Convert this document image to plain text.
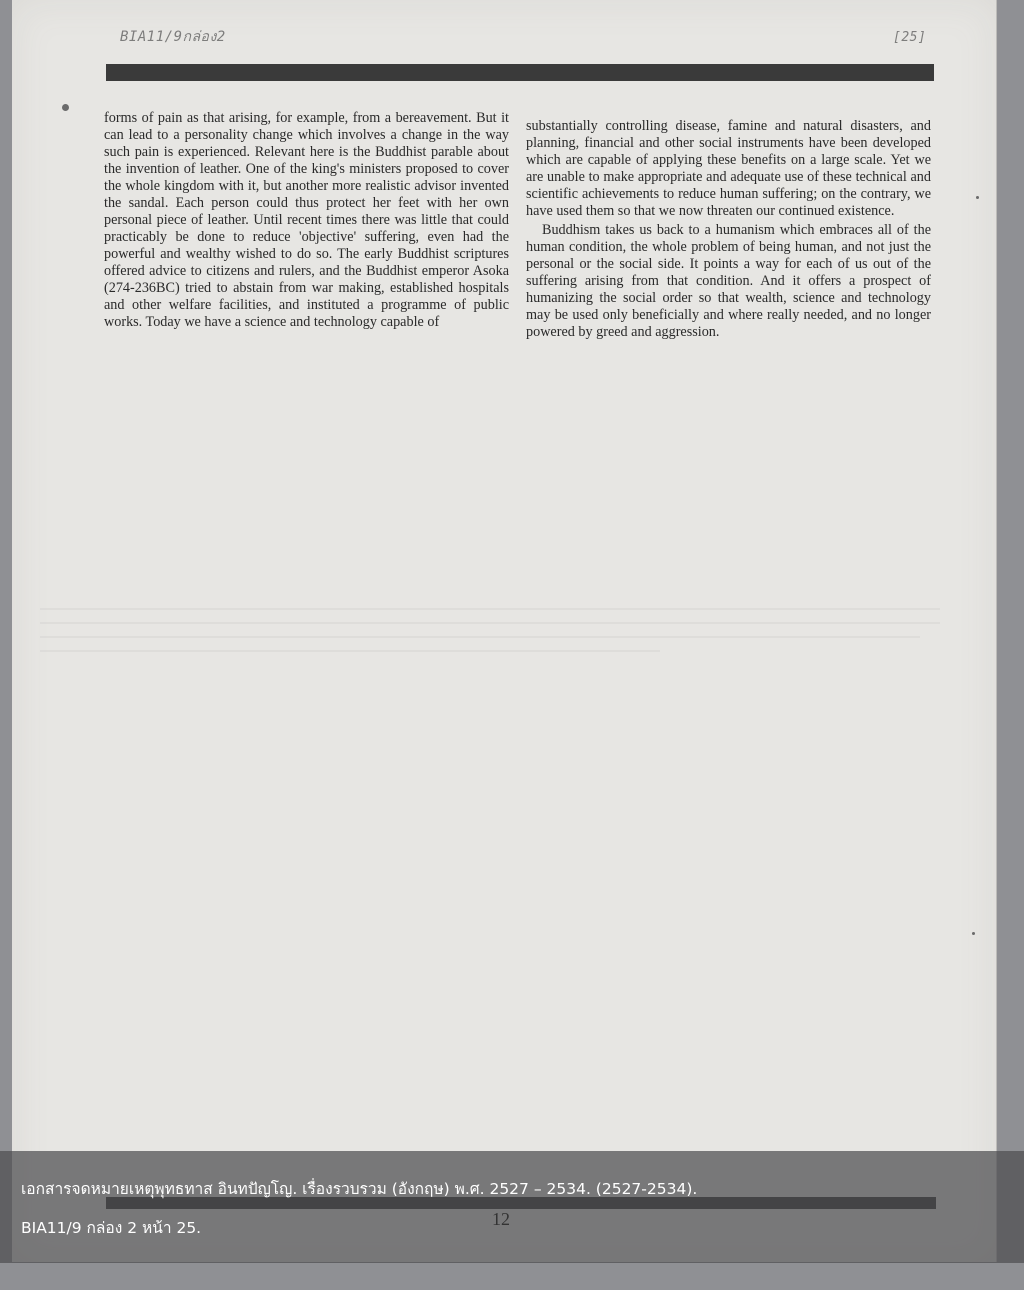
BIA11/9กล่อง2	[25]

forms of pain as that arising, for example, from a bereavement. But it can lead to a personality change which involves a change in the way such pain is experienced. Relevant here is the Buddhist parable about the invention of leather. One of the king's ministers proposed to cover the whole kingdom with it, but another more realistic advisor invented the sandal. Each person could thus protect her feet with her own personal piece of leather. Until recent times there was little that could practicably be done to reduce 'objective' suffering, even had the powerful and wealthy wished to do so. The early Buddhist scriptures offered advice to citizens and rulers, and the Buddhist emperor Asoka (274-236BC) tried to abstain from war making, established hospitals and other welfare facilities, and instituted a programme of public works. Today we have a science and technology capable of

substantially controlling disease, famine and natural disasters, and planning, financial and other social instruments have been developed which are capable of applying these benefits on a large scale. Yet we are unable to make appropriate and adequate use of these technical and scientific achievements to reduce human suffering; on the contrary, we have used them so that we now threaten our continued existence.

Buddhism takes us back to a humanism which embraces all of the human condition, the whole problem of being human, and not just the personal or the social side. It points a way for each of us out of the suffering arising from that condition. And it offers a prospect of humanizing the social order so that wealth, science and technology may be used only beneficially and where really needed, and no longer powered by greed and aggression.

เอกสารจดหมายเหตุพุทธทาส อินทปัญโญ. เรื่องรวบรวม (อังกฤษ) พ.ศ. 2527 – 2534. (2527-2534).
BIA11/9 กล่อง 2 หน้า 25.	12
